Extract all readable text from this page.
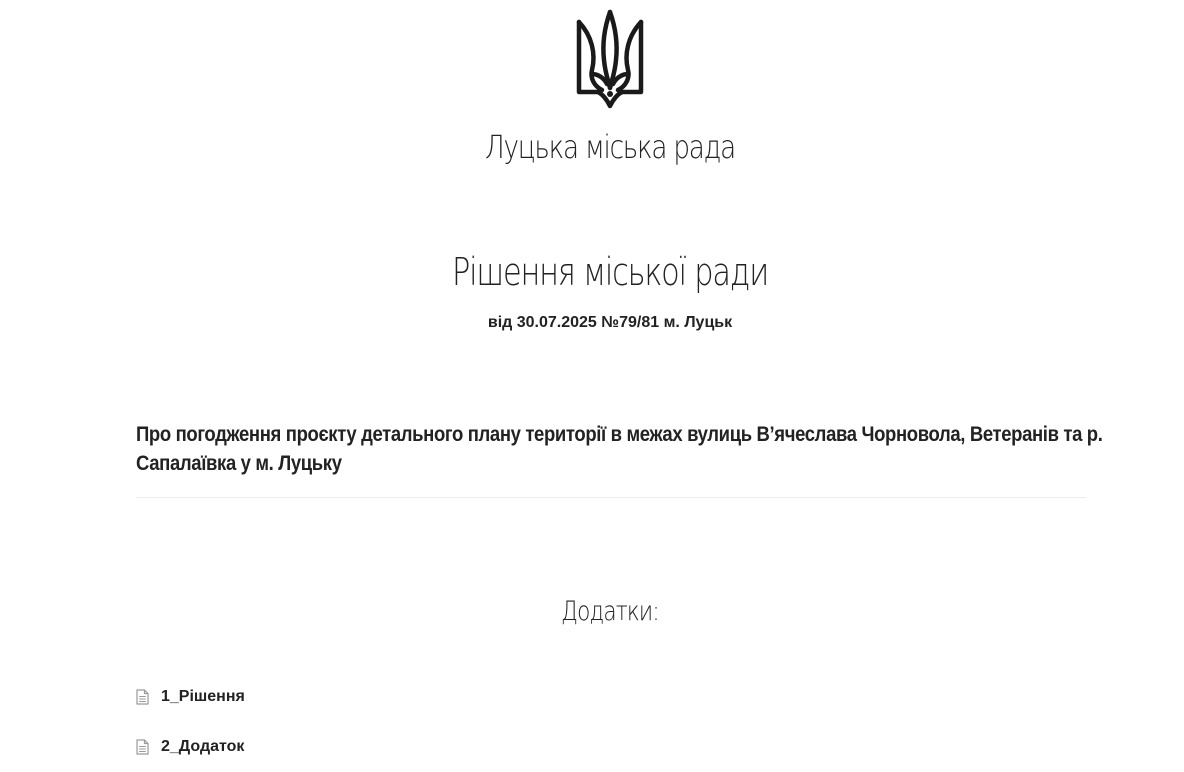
Луцька міська рада
Рішення міської ради
від 30.07.2025 №79/81 м. Луцьк
Про погодження проєкту детального плану території в межах вулиць В’ячеслава Чорновола, Ветеранів та р. Сапалаївка у м. Луцьку
Додатки:
1_Рішення
2_Додаток
